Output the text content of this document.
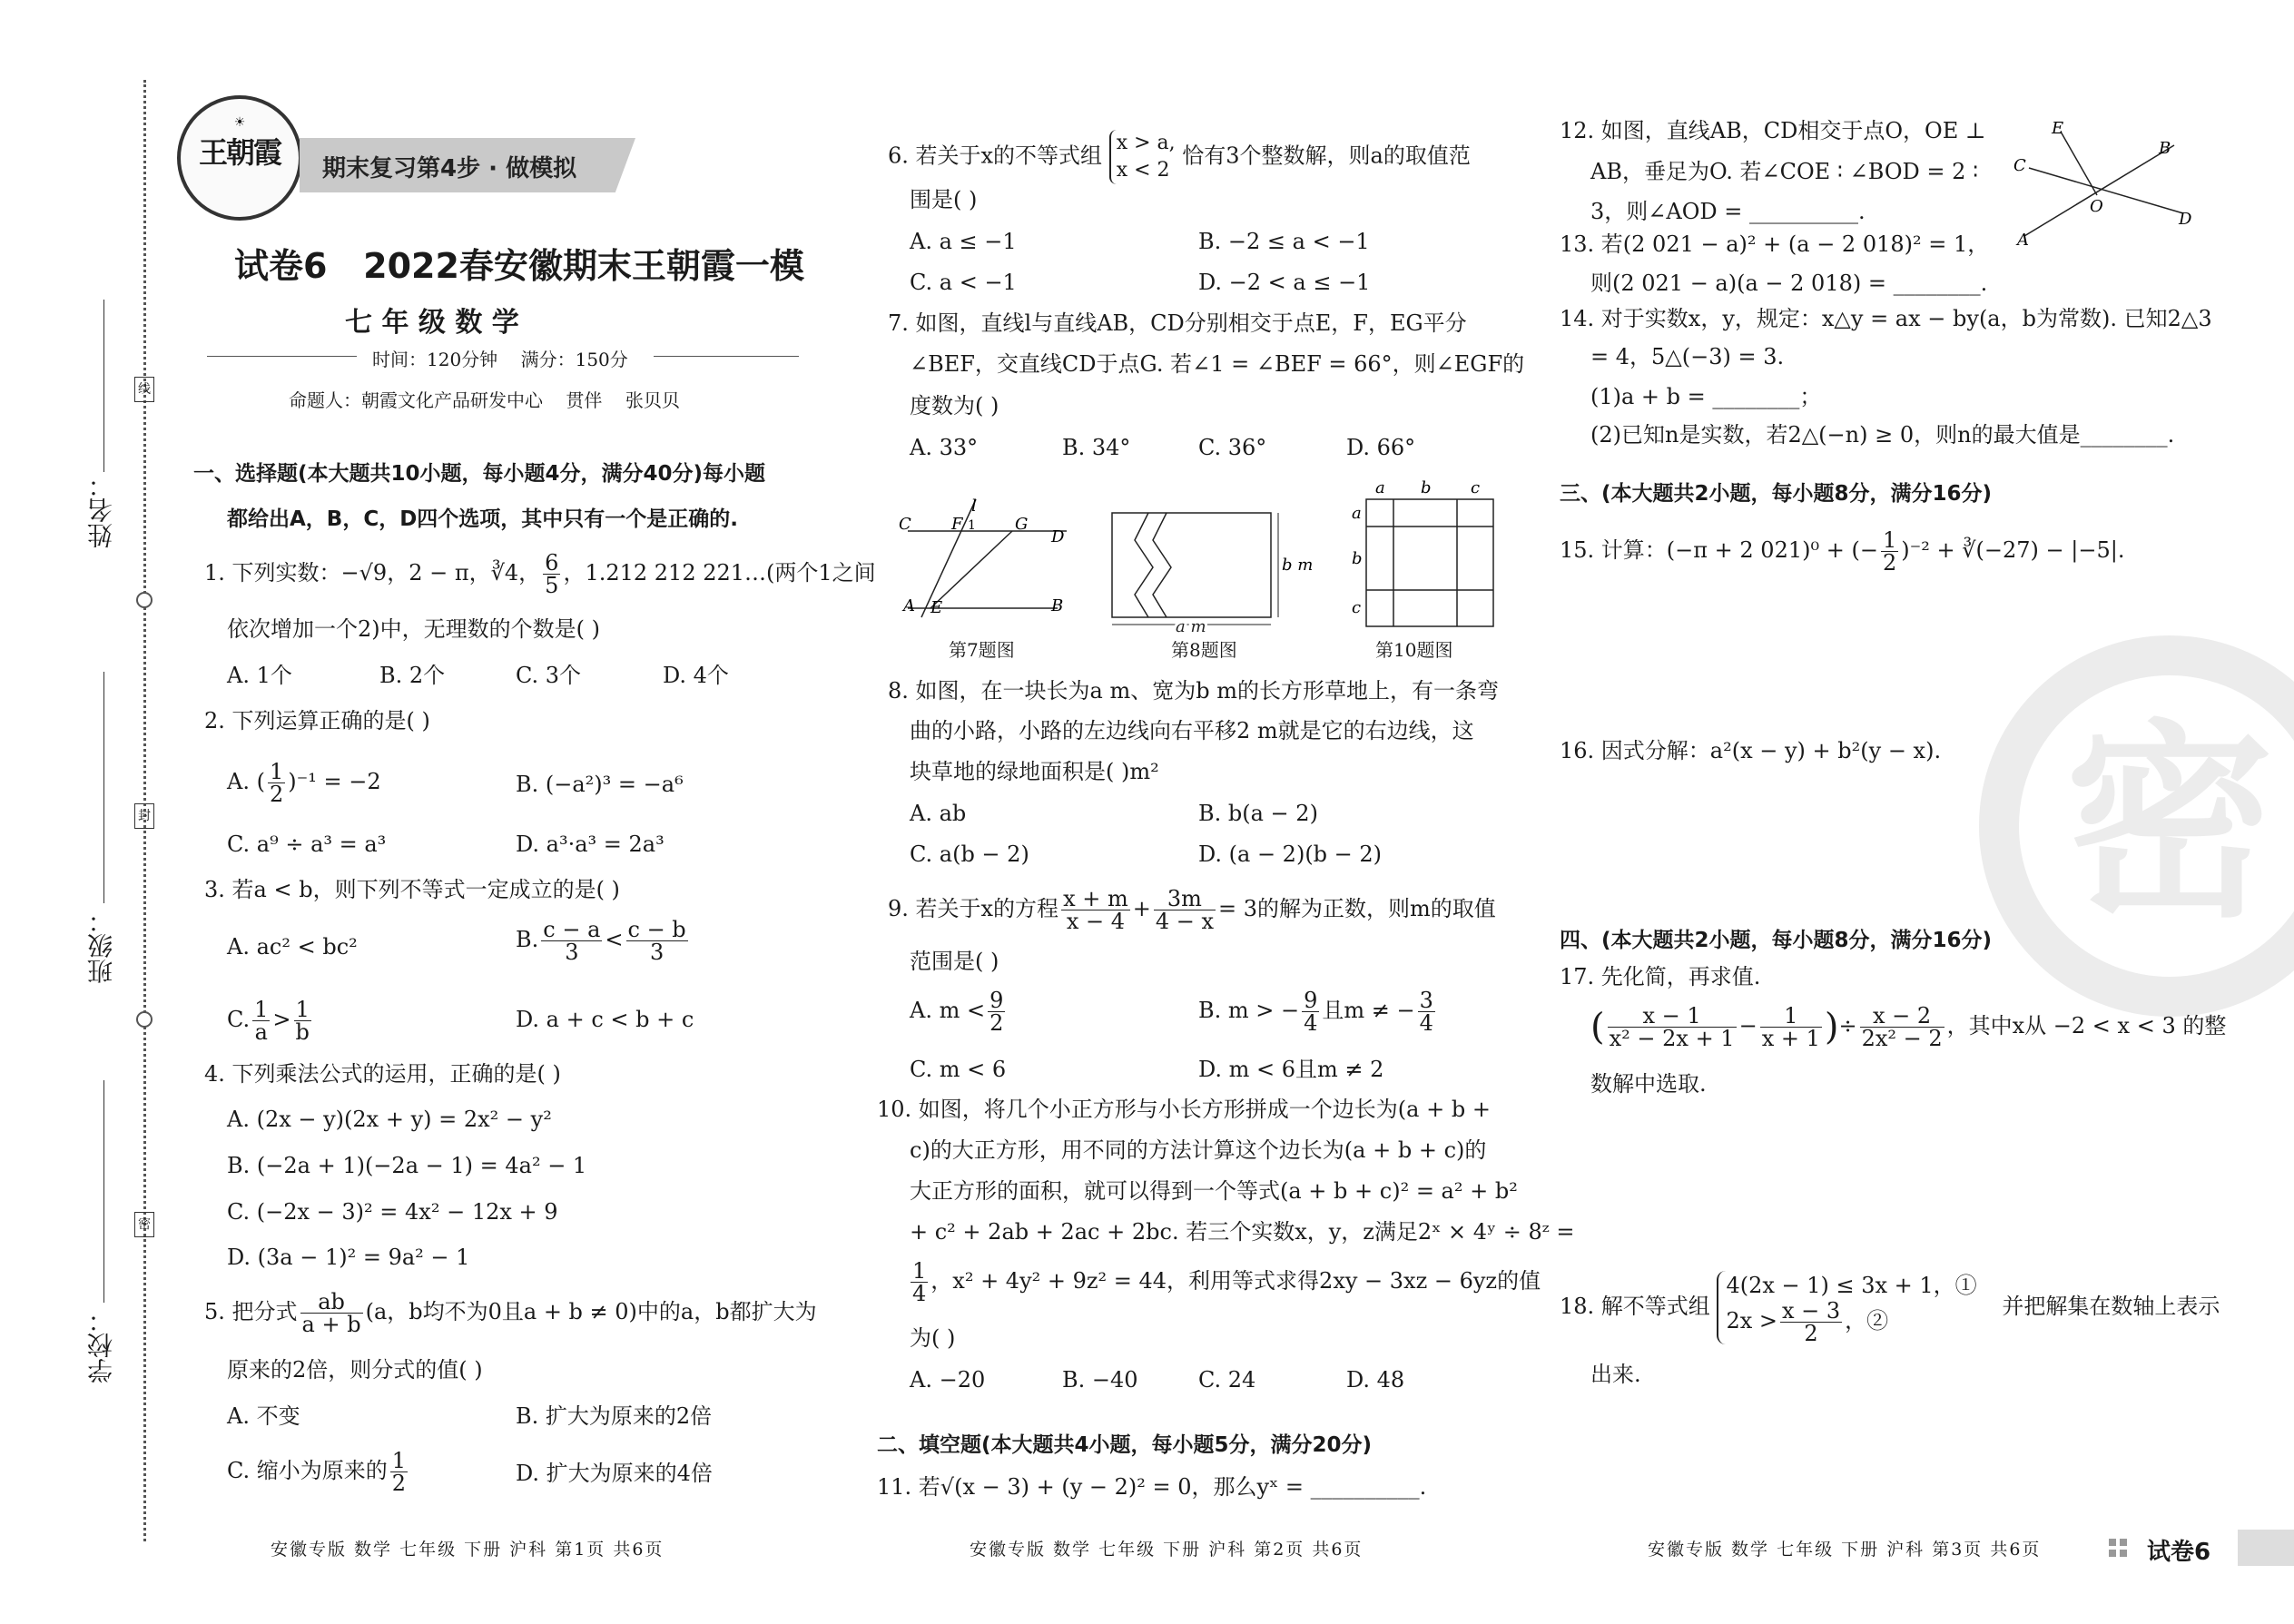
姓名：
班级：
学校：
线
封
密
☀
王朝霞	期末复习第4步 · 做模拟
试卷6   2022春安徽期末王朝霞一模
七 年 级 数 学
时间：120分钟    满分：150分
命题人：朝霞文化产品研发中心    贯伴    张贝贝
一、选择题(本大题共10小题，每小题4分，满分40分)每小题
都给出A，B，C，D四个选项，其中只有一个是正确的.
1. 下列实数：−√9，2 − π，∛4， $\frac{6}{5}$ ，1.212 212 221…(两个1之间
依次增加一个2)中，无理数的个数是( )
A. 1个	B. 2个	C. 3个	D. 4个
2. 下列运算正确的是( )
A. ( $\frac{1}{2} )^{-1} = -2$	B. (−a²)³ = −a⁶
C. a⁹ ÷ a³ = a³	D. a³·a³ = 2a³
3. 若a < b，则下列不等式一定成立的是( )
A. ac² < bc²	B. $\frac{c - a}{3} < \frac{c - b}{3}$
C. $\frac{1}{a} > \frac{1}{b}$	D. a + c < b + c
4. 下列乘法公式的运用，正确的是( )
A. (2x − y)(2x + y) = 2x² − y²
B. (−2a + 1)(−2a − 1) = 4a² − 1
C. (−2x − 3)² = 4x² − 12x + 9
D. (3a − 1)² = 9a² − 1
5. 把分式 $\frac{ab}{a + b} (a$，b均不为0且a + b ≠ 0)中的a，b都扩大为
原来的2倍，则分式的值( )
A. 不变	B. 扩大为原来的2倍
C. 缩小为原来的 $\frac{1}{2}$	D. 扩大为原来的4倍
安徽专版 数学 七年级 下册 沪科 第1页 共6页
6. 若关于x的不等式组 x > a,
x < 2
恰有3个整数解，则a的取值范
围是( )
A. a ≤ −1	B. −2 ≤ a < −1
C. a < −1	D. −2 < a ≤ −1
7. 如图，直线l与直线AB，CD分别相交于点E，F，EG平分
∠BEF，交直线CD于点G. 若∠1 = ∠BEF = 66°，则∠EGF的
度数为( )
A. 33°	B. 34°	C. 36°	D. 66°
l
C F 1 G
D
A E	B
第7题图
b m
a m
第8题图
a b c
a
b
c
第10题图
8. 如图，在一块长为a m、宽为b m的长方形草地上，有一条弯
曲的小路，小路的左边线向右平移2 m就是它的右边线，这
块草地的绿地面积是( )m²
A. ab	B. b(a − 2)
C. a(b − 2)	D. (a − 2)(b − 2)
9. 若关于x的方程 $\frac{x + m}{x - 4} + \frac{3m}{4 - x} = 3$的解为正数，则m的取值
范围是( )
A. $m < \frac{9}{2}$	B. m > − $\frac{9}{4}$ 且m ≠ − $\frac{3}{4}$
C. m < 6	D. m < 6且m ≠ 2
10. 如图，将几个小正方形与小长方形拼成一个边长为(a + b +
c)的大正方形，用不同的方法计算这个边长为(a + b + c)的
大正方形的面积，就可以得到一个等式(a + b + c)² = a² + b²
+ c² + 2ab + 2ac + 2bc. 若三个实数x，y，z满足2ˣ × 4ʸ ÷ 8ᶻ =
$\frac{1}{4}$ ，x² + 4y² + 9z² = 44，利用等式求得2xy − 3xz − 6yz的值
为( )
A. −20	B. −40	C. 24	D. 48
二、填空题(本大题共4小题，每小题5分，满分20分)
11. 若√(x − 3) + (y − 2)² = 0，那么yˣ = __________.
安徽专版 数学 七年级 下册 沪科 第2页 共6页
密
12. 如图，直线AB，CD相交于点O，OE ⊥
AB，垂足为O. 若∠COE ∶ ∠BOD = 2 ∶
3，则∠AOD = __________.
E
C
B
O
A
D
13. 若(2 021 − a)² + (a − 2 018)² = 1，
则(2 021 − a)(a − 2 018) = ________.
14. 对于实数x，y，规定：x△y = ax − by(a，b为常数). 已知2△3
= 4，5△(−3) = 3.
(1)a + b = ________；
(2)已知n是实数，若2△(−n) ≥ 0，则n的最大值是________.
三、(本大题共2小题，每小题8分，满分16分)
15. 计算：(−π + 2 021)⁰ + (− $\frac{1}{2} )^{-2}$ + ∛(−27) − |−5|.
16. 因式分解：a²(x − y) + b²(y − x).
四、(本大题共2小题，每小题8分，满分16分)
17. 先化简，再求值.
( $\frac{x - 1}{\text{x² − 2x + 1}} - \frac{1}{x + 1}$ )÷ $\frac{x - 2}{\text{2x² − 2}}$ ，其中x从 −2 < x < 3 的整
数解中选取.
18. 解不等式组
4(2x − 1) ≤ 3x + 1，①
$2x > \frac{x - 3}{2}$ ，②
并把解集在数轴上表示
出来.
安徽专版 数学 七年级 下册 沪科 第3页 共6页	试卷6
